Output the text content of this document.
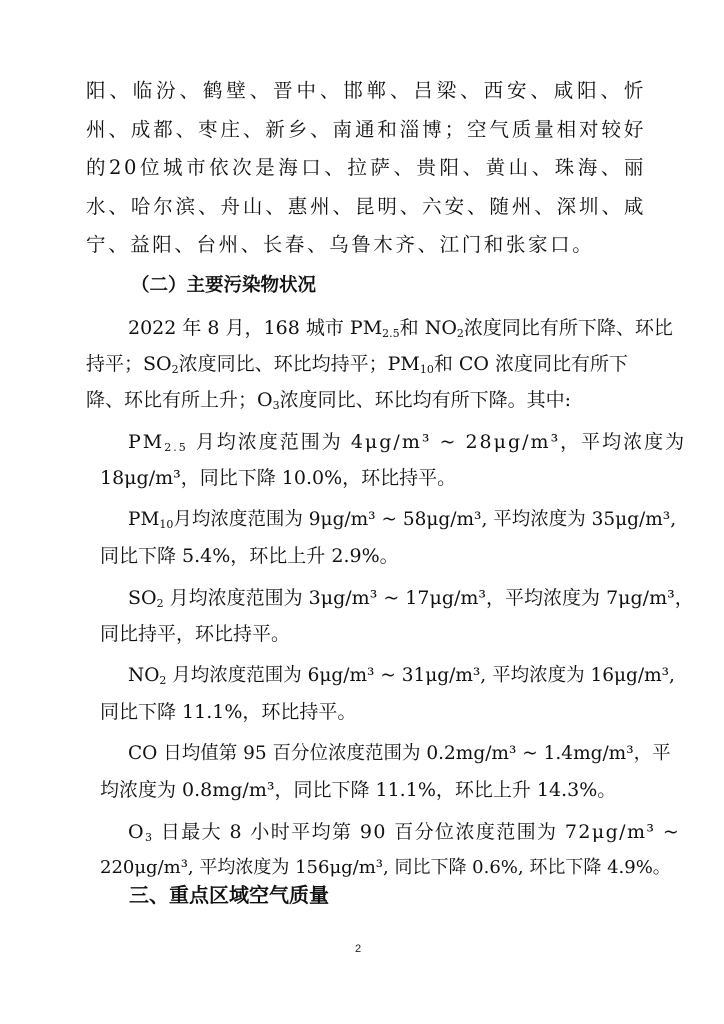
阳、临汾、鹤壁、晋中、邯郸、吕梁、西安、咸阳、忻州、成都、枣庄、新乡、南通和淄博；空气质量相对较好的20位城市依次是海口、拉萨、贵阳、黄山、珠海、丽水、哈尔滨、舟山、惠州、昆明、六安、随州、深圳、咸宁、益阳、台州、长春、乌鲁木齐、江门和张家口。

（二）主要污染物状况
2022 年 8 月，168 城市 $PM_{2.5}$和 $NO_2$浓度同比有所下降、环比
持平；$SO_2$浓度同比、环比均持平；$PM_{10}$和 CO 浓度同比有所下
降、环比有所上升；$O_3$浓度同比、环比均有所下降。其中:
$PM_{2.5}$ 月均浓度范围为 4μg/m³ ~ 28μg/m³，平均浓度为
18μg/m³，同比下降 10.0%，环比持平。
$PM_{10}$月均浓度范围为 9μg/m³ ~ 58μg/m³, 平均浓度为 35μg/m³,
同比下降 5.4%，环比上升 2.9%。
$SO_2$ 月均浓度范围为 3μg/m³ ~ 17μg/m³，平均浓度为 7μg/m³，
同比持平，环比持平。
$NO_2$ 月均浓度范围为 6μg/m³ ~ 31μg/m³, 平均浓度为 16μg/m³,
同比下降 11.1%，环比持平。
CO 日均值第 95 百分位浓度范围为 0.2mg/m³ ~ 1.4mg/m³，平
均浓度为 0.8mg/m³，同比下降 11.1%，环比上升 14.3%。
$O_3$ 日最大 8 小时平均第 90 百分位浓度范围为 72μg/m³ ~
220μg/m³, 平均浓度为 156μg/m³, 同比下降 0.6%, 环比下降 4.9%。
三、重点区域空气质量
2
